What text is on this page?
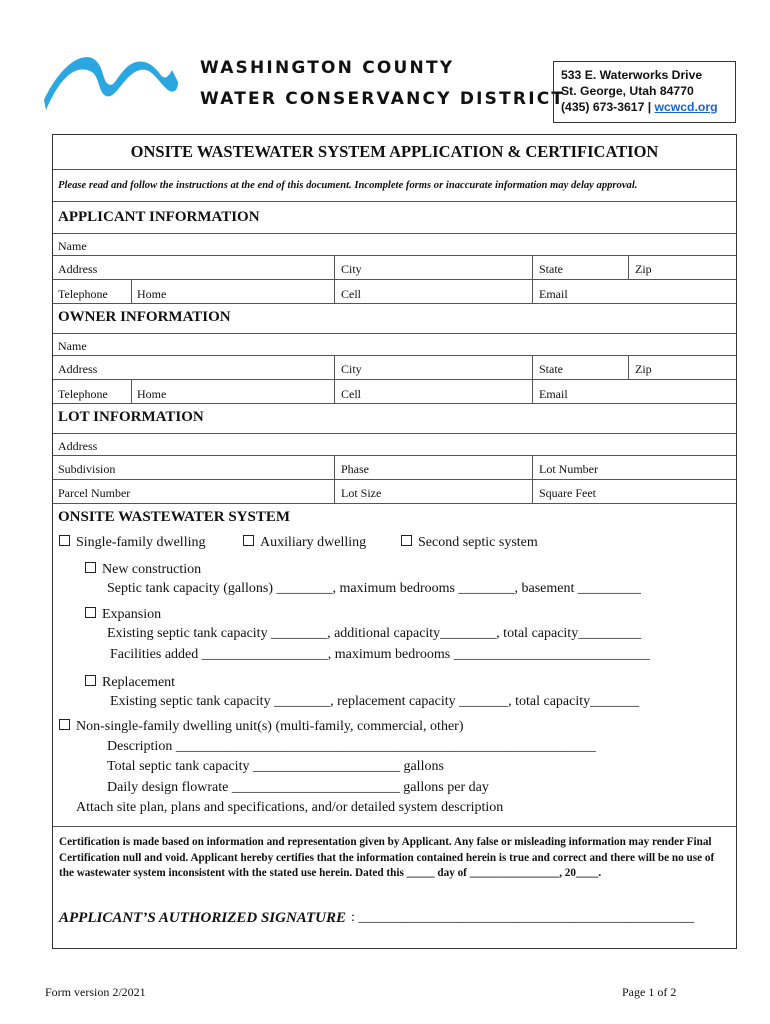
WASHINGTON COUNTY
WATER CONSERVANCY DISTRICT
533 E. Waterworks Drive
St. George, Utah 84770
(435) 673-3617 | wcwcd.org
ONSITE WASTEWATER SYSTEM APPLICATION & CERTIFICATION
Please read and follow the instructions at the end of this document. Incomplete forms or inaccurate information may delay approval.
APPLICANT INFORMATION
Name
Address	City	State	Zip
Telephone Home	Cell	Email
OWNER INFORMATION
Name
Address	City	State	Zip
Telephone Home	Cell	Email
LOT INFORMATION
Address
Subdivision	Phase	Lot Number
Parcel Number	Lot Size	Square Feet
ONSITE WASTEWATER SYSTEM
Single-family dwelling	Auxiliary dwelling	Second septic system
New construction
Septic tank capacity (gallons) ________, maximum bedrooms ________, basement _________
Expansion
Existing septic tank capacity ________, additional capacity________, total capacity_________
Facilities added __________________, maximum bedrooms ____________________________
Replacement
Existing septic tank capacity ________, replacement capacity _______, total capacity_______
Non-single-family dwelling unit(s) (multi-family, commercial, other)
Description ____________________________________________________________
Total septic tank capacity _____________________ gallons
Daily design flowrate ________________________ gallons per day
Attach site plan, plans and specifications, and/or detailed system description
Certification is made based on information and representation given by Applicant. Any false or misleading information may render Final Certification null and void. Applicant hereby certifies that the information contained herein is true and correct and there will be no use of the wastewater system inconsistent with the stated use herein. Dated this _____ day of ________________, 20____.
APPLICANT’S AUTHORIZED SIGNATURE : ________________________________________________
Form version 2/2021	Page 1 of 2
